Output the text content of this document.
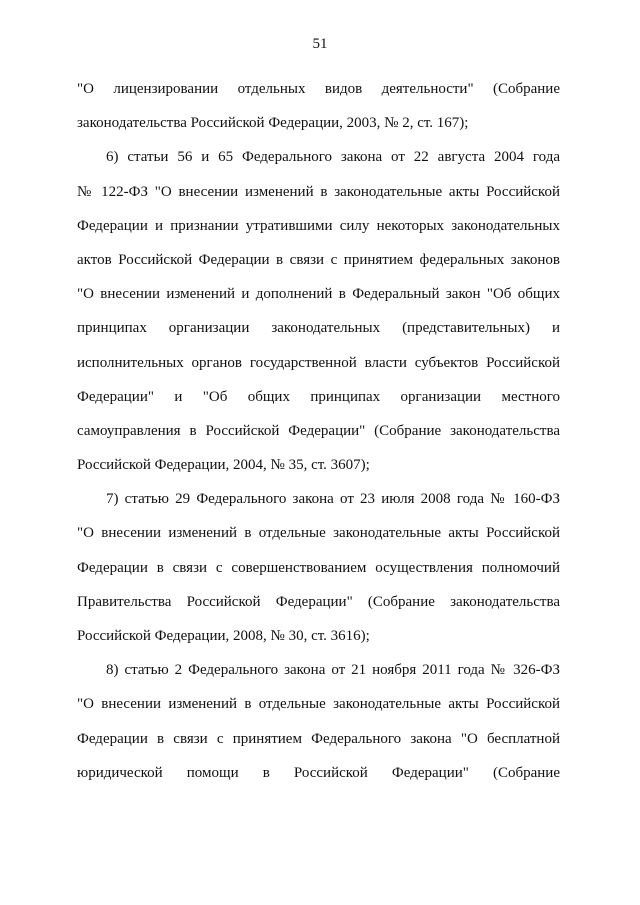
51
"О лицензировании отдельных видов деятельности" (Собрание
законодательства Российской Федерации, 2003, № 2, ст. 167);
6) статьи 56 и 65 Федерального закона от 22 августа 2004 года
№ 122-ФЗ "О внесении изменений в законодательные акты Российской
Федерации и признании утратившими силу некоторых законодательных
актов Российской Федерации в связи с принятием федеральных законов
"О внесении изменений и дополнений в Федеральный закон "Об общих
принципах организации законодательных (представительных) и
исполнительных органов государственной власти субъектов Российской
Федерации" и "Об общих принципах организации местного
самоуправления в Российской Федерации" (Собрание законодательства
Российской Федерации, 2004, № 35, ст. 3607);
7) статью 29 Федерального закона от 23 июля 2008 года № 160-ФЗ
"О внесении изменений в отдельные законодательные акты Российской
Федерации в связи с совершенствованием осуществления полномочий
Правительства Российской Федерации" (Собрание законодательства
Российской Федерации, 2008, № 30, ст. 3616);
8) статью 2 Федерального закона от 21 ноября 2011 года № 326-ФЗ
"О внесении изменений в отдельные законодательные акты Российской
Федерации в связи с принятием Федерального закона "О бесплатной
юридической помощи в Российской Федерации" (Собрание
